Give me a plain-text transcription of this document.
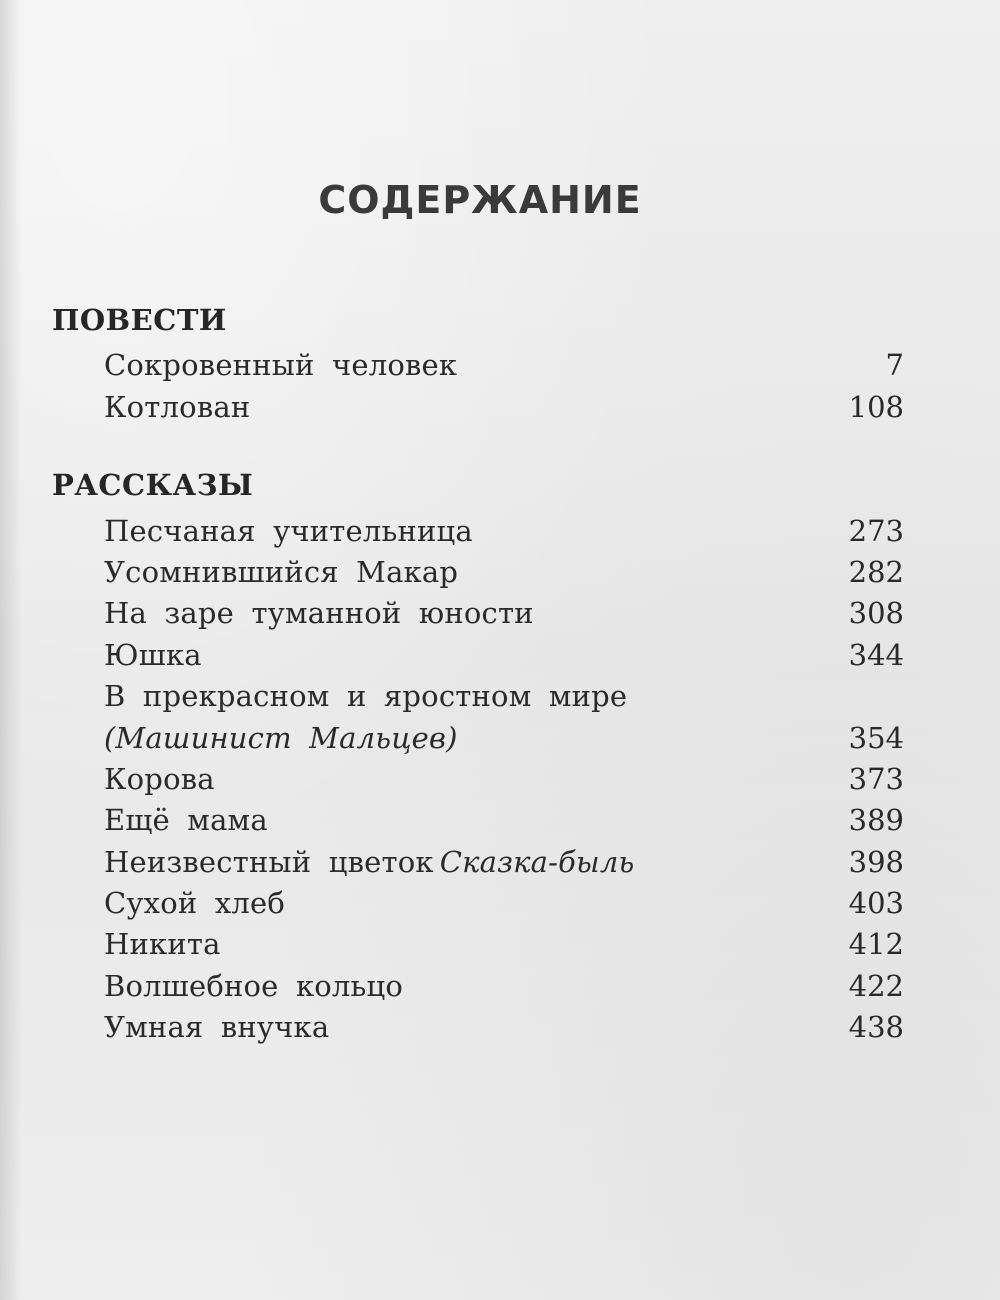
СОДЕРЖАНИЕ
ПОВЕСТИ
Сокровенный человек	7
Котлован	108
РАССКАЗЫ
Песчаная учительница	273
Усомнившийся Макар	282
На заре туманной юности	308
Юшка	344
В прекрасном и яростном мире
(Машинист Мальцев)	354
Корова	373
Ещё мама	389
Неизвестный цветок Сказка-быль	398
Сухой хлеб	403
Никита	412
Волшебное кольцо	422
Умная внучка	438
